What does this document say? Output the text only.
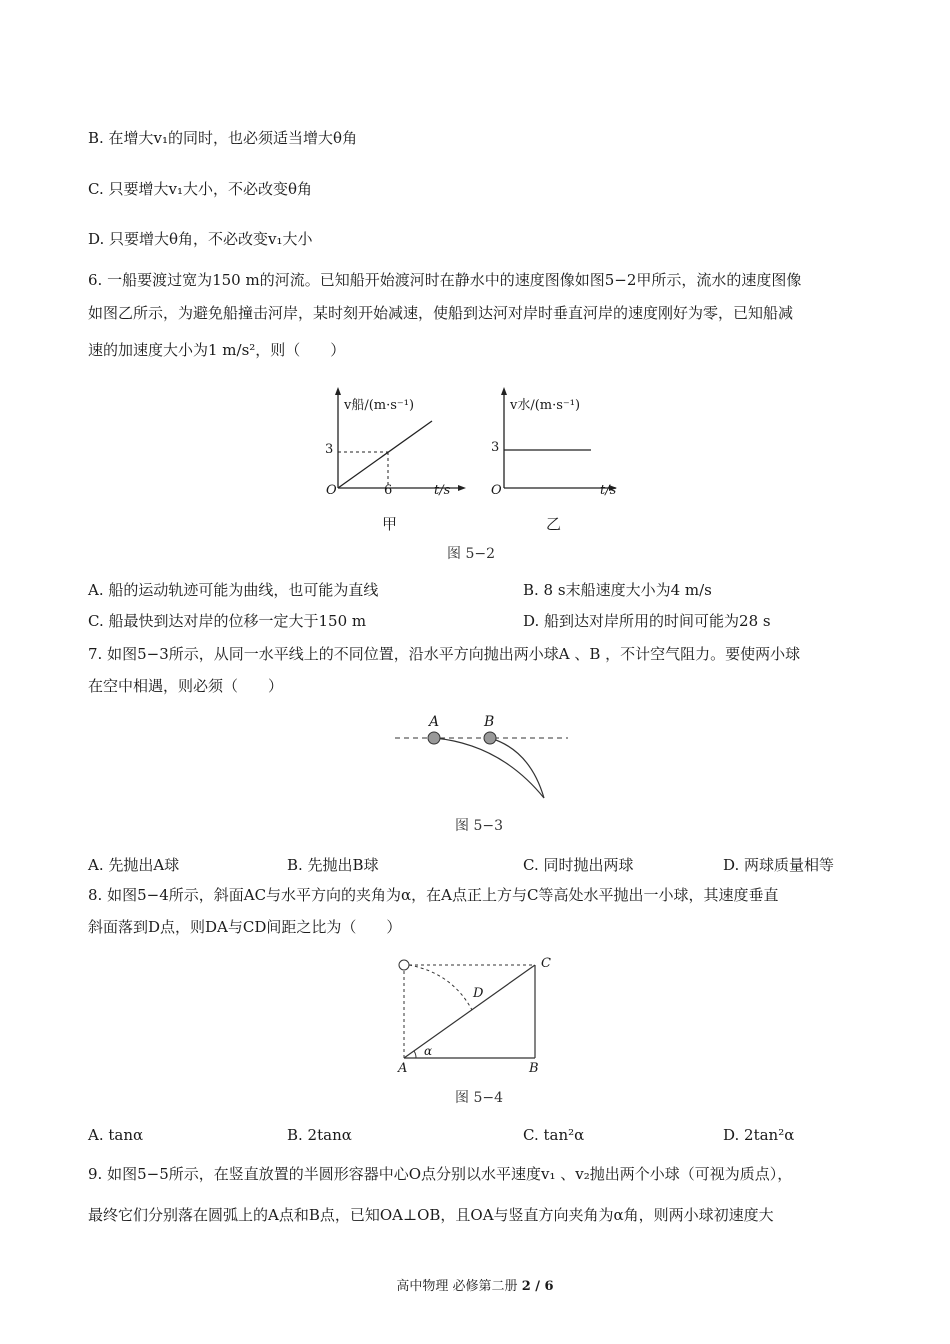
B. 在增大v₁的同时，也必须适当增大θ角
C. 只要增大v₁大小，不必改变θ角
D. 只要增大θ角，不必改变v₁大小
6. 一船要渡过宽为150 m的河流。已知船开始渡河时在静水中的速度图像如图5−2甲所示，流水的速度图像
如图乙所示，为避免船撞击河岸，某时刻开始减速，使船到达河对岸时垂直河岸的速度刚好为零，已知船减
速的加速度大小为1 m/s²，则（　　）
v船/(m·s⁻¹)
3
O	6	t/s
甲
v水/(m·s⁻¹)
3
O	t/s
乙
图 5−2
A. 船的运动轨迹可能为曲线，也可能为直线	B. 8 s末船速度大小为4 m/s
C. 船最快到达对岸的位移一定大于150 m	D. 船到达对岸所用的时间可能为28 s
7. 如图5−3所示，从同一水平线上的不同位置，沿水平方向抛出两小球A 、B ，不计空气阻力。要使两小球
在空中相遇，则必须（　　）
A	B
图 5−3
A. 先抛出A球	B. 先抛出B球	C. 同时抛出两球	D. 两球质量相等
8. 如图5−4所示，斜面AC与水平方向的夹角为α，在A点正上方与C等高处水平抛出一小球，其速度垂直
斜面落到D点，则DA与CD间距之比为（　　）
C
D
α
A	B
图 5−4
A. tanα	B. 2tanα	C. tan²α	D. 2tan²α
9. 如图5−5所示，在竖直放置的半圆形容器中心O点分别以水平速度v₁ 、v₂抛出两个小球（可视为质点），
最终它们分别落在圆弧上的A点和B点，已知OA⊥OB，且OA与竖直方向夹角为α角，则两小球初速度大
高中物理 必修第二册 2 / 6
